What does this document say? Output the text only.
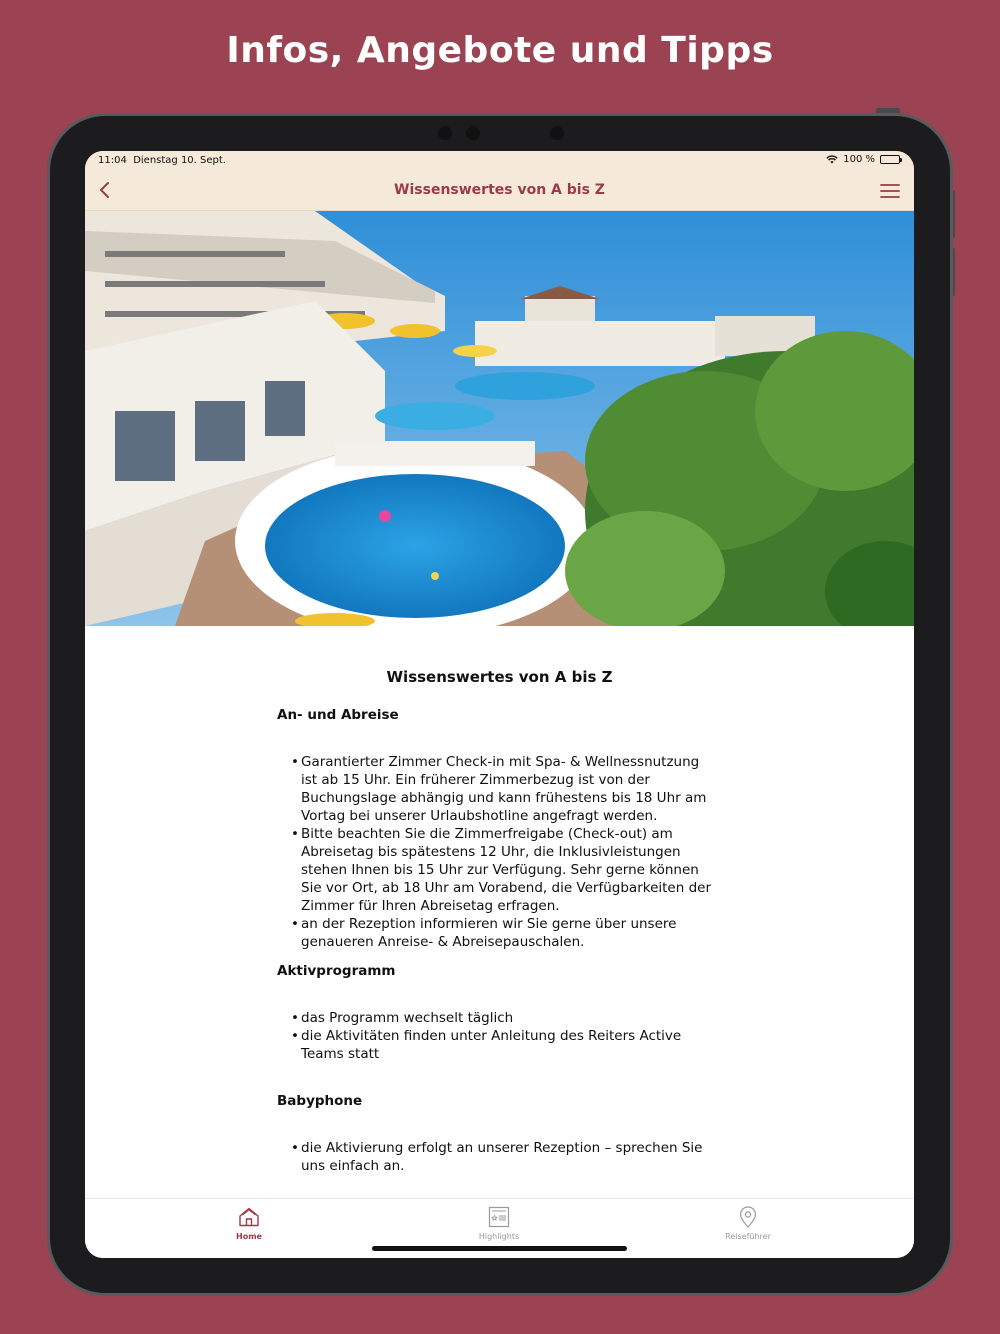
Infos, Angebote und Tipps
11:04 Dienstag 10. Sept.	100 %
Wissenswertes von A bis Z
Wissenswertes von A bis Z
An- und Abreise
• Garantierter Zimmer Check-in mit Spa- & Wellnessnutzung ist ab 15 Uhr. Ein früherer Zimmerbezug ist von der Buchungslage abhängig und kann frühestens bis 18 Uhr am Vortag bei unserer Urlaubshotline angefragt werden.
• Bitte beachten Sie die Zimmerfreigabe (Check-out) am Abreisetag bis spätestens 12 Uhr, die Inklusivleistungen stehen Ihnen bis 15 Uhr zur Verfügung. Sehr gerne können Sie vor Ort, ab 18 Uhr am Vorabend, die Verfügbarkeiten der Zimmer für Ihren Abreisetag erfragen.
• an der Rezeption informieren wir Sie gerne über unsere genaueren Anreise- & Abreisepauschalen.
Aktivprogramm
• das Programm wechselt täglich
• die Aktivitäten finden unter Anleitung des Reiters Active Teams statt
Babyphone
• die Aktivierung erfolgt an unserer Rezeption – sprechen Sie uns einfach an.
Home	Highlights	Reiseführer
